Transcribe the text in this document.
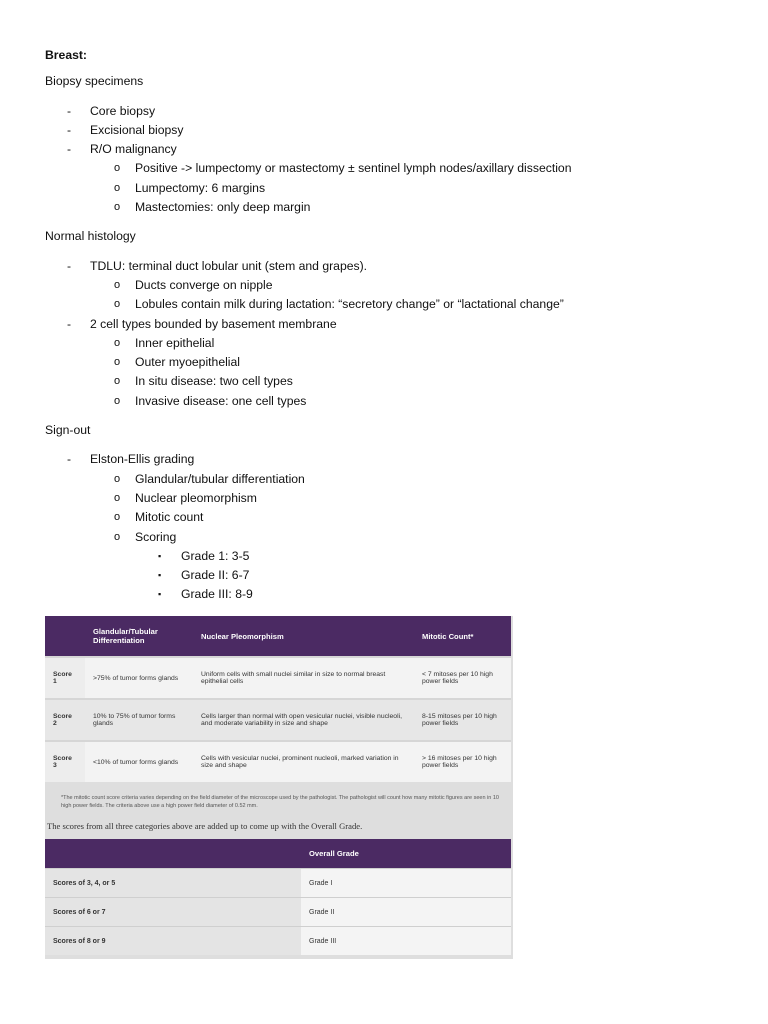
Breast:

Biopsy specimens

- Core biopsy
- Excisional biopsy
- R/O malignancy
o Positive -> lumpectomy or mastectomy ± sentinel lymph nodes/axillary dissection
o Lumpectomy: 6 margins
o Mastectomies: only deep margin

Normal histology

- TDLU: terminal duct lobular unit (stem and grapes).
o Ducts converge on nipple
o Lobules contain milk during lactation: “secretory change” or “lactational change”
- 2 cell types bounded by basement membrane
o Inner epithelial
o Outer myoepithelial
o In situ disease: two cell types
o Invasive disease: one cell types

Sign-out

- Elston-Ellis grading
o Glandular/tubular differentiation
o Nuclear pleomorphism
o Mitotic count
o Scoring
▪ Grade 1: 3-5
▪ Grade II: 6-7
▪ Grade III: 8-9
	Glandular/Tubular Differentiation	Nuclear Pleomorphism	Mitotic Count*
Score 1	>75% of tumor forms glands	Uniform cells with small nuclei similar in size to normal breast epithelial cells	< 7 mitoses per 10 high power fields
Score 2	10% to 75% of tumor forms glands	Cells larger than normal with open vesicular nuclei, visible nucleoli, and moderate variability in size and shape	8-15 mitoses per 10 high power fields
Score 3	<10% of tumor forms glands	Cells with vesicular nuclei, prominent nucleoli, marked variation in size and shape	> 16 mitoses per 10 high power fields
*The mitotic count score criteria varies depending on the field diameter of the microscope used by the pathologist. The pathologist will count how many mitotic figures are seen in 10 high power fields. The criteria above use a high power field diameter of 0.52 mm.
The scores from all three categories above are added up to come up with the Overall Grade.
	Overall Grade
Scores of 3, 4, or 5	Grade I
Scores of 6 or 7	Grade II
Scores of 8 or 9	Grade III
